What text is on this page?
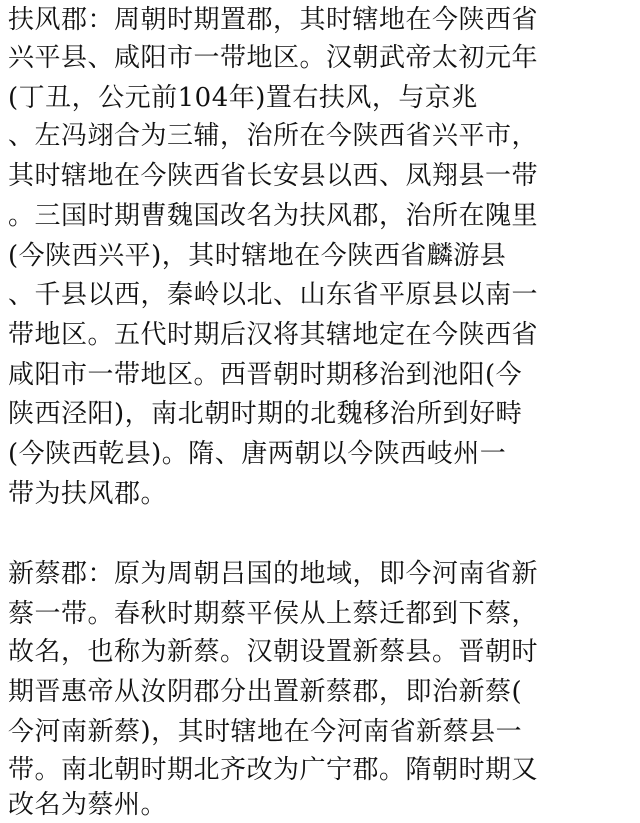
扶风郡：周朝时期置郡，其时辖地在今陕西省
兴平县、咸阳市一带地区。汉朝武帝太初元年
(丁丑，公元前104年)置右扶风，与京兆
、左冯翊合为三辅，治所在今陕西省兴平市，
其时辖地在今陕西省长安县以西、凤翔县一带
。三国时期曹魏国改名为扶风郡，治所在隗里
(今陕西兴平)，其时辖地在今陕西省麟游县
、千县以西，秦岭以北、山东省平原县以南一
带地区。五代时期后汉将其辖地定在今陕西省
咸阳市一带地区。西晋朝时期移治到池阳(今
陕西泾阳)，南北朝时期的北魏移治所到好畤
(今陕西乾县)。隋、唐两朝以今陕西岐州一
带为扶风郡。
新蔡郡：原为周朝吕国的地域，即今河南省新
蔡一带。春秋时期蔡平侯从上蔡迁都到下蔡，
故名，也称为新蔡。汉朝设置新蔡县。晋朝时
期晋惠帝从汝阴郡分出置新蔡郡，即治新蔡(
今河南新蔡)，其时辖地在今河南省新蔡县一
带。南北朝时期北齐改为广宁郡。隋朝时期又
改名为蔡州。
